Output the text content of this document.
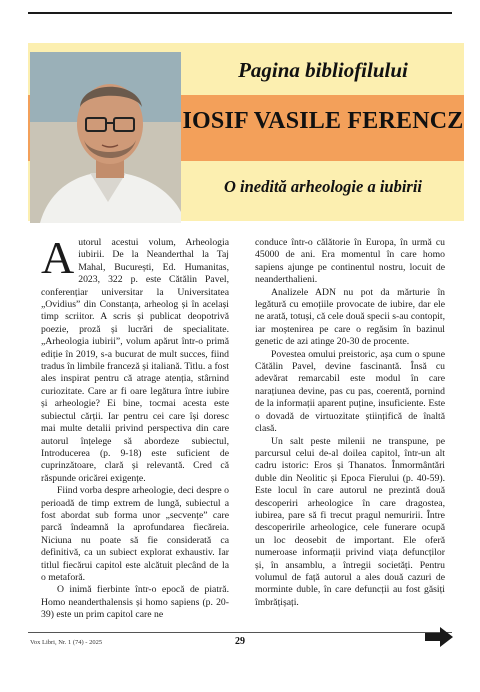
Pagina bibliofilului
IOSIF VASILE FERENCZ
O inedită arheologie a iubirii

Autorul acestui volum, Arheologia iubirii. De la Neanderthal la Taj Mahal, București, Ed. Humanitas, 2023, 322 p. este Cătălin Pavel, conferențiar universitar la Universitatea „Ovidius” din Constanța, arheolog și în același timp scriitor. A scris și publicat deopotrivă poezie, proză și lucrări de specialitate. „Arheologia iubirii”, volum apărut într-o primă ediție în 2019, s-a bucurat de mult succes, fiind tradus în limbile franceză și italiană. Titlu. a fost ales inspirat pentru că atrage atenția, stârnind curiozitate. Care ar fi oare legătura între iubire și arheologie? Ei bine, tocmai acesta este subiectul cărții. Iar pentru cei care își doresc mai multe detalii privind perspectiva din care autorul înțelege să abordeze subiectul, Introducerea (p. 9-18) este suficient de cuprinzătoare, clară și relevantă. Cred că răspunde oricărei exigențe.

Fiind vorba despre arheologie, deci despre o perioadă de timp extrem de lungă, subiectul a fost abordat sub forma unor „secvențe” care parcă îndeamnă la aprofundarea fiecăreia. Niciuna nu poate să fie considerată ca definitivă, ca un subiect explorat exhaustiv. Iar titlul fiecărui capitol este alcătuit plecând de la o metaforă.

O inimă fierbinte într-o epocă de piatră. Homo neanderthalensis și homo sapiens (p. 20-39) este un prim capitol care ne

conduce într-o călătorie în Europa, în urmă cu 45000 de ani. Era momentul în care homo sapiens ajunge pe continentul nostru, locuit de neanderthalieni.

Analizele ADN nu pot da mărturie în legătură cu emoțiile provocate de iubire, dar ele ne arată, totuși, că cele două specii s-au contopit, iar moștenirea pe care o regăsim în bazinul genetic de azi atinge 20-30 de procente.

Povestea omului preistoric, așa cum o spune Cătălin Pavel, devine fascinantă. Însă cu adevărat remarcabil este modul în care narațiunea devine, pas cu pas, coerentă, pornind de la informații aparent puține, insuficiente. Este o dovadă de virtuozitate științifică de înaltă clasă.

Un salt peste milenii ne transpune, pe parcursul celui de-al doilea capitol, într-un alt cadru istoric: Eros și Thanatos. Înmormântări duble din Neolitic și Epoca Fierului (p. 40-59). Este locul în care autorul ne prezintă două descoperiri arheologice în care dragostea, iubirea, pare să fi trecut pragul nemuririi. Între descoperirile arheologice, cele funerare ocupă un loc deosebit de important. Ele oferă numeroase informații privind viața defuncților și, în ansamblu, a întregii societăți. Pentru volumul de față autorul a ales două cazuri de morminte duble, în care defuncții au fost găsiți îmbrățișați.

Vox Libri, Nr. 1 (74) - 2025	29
